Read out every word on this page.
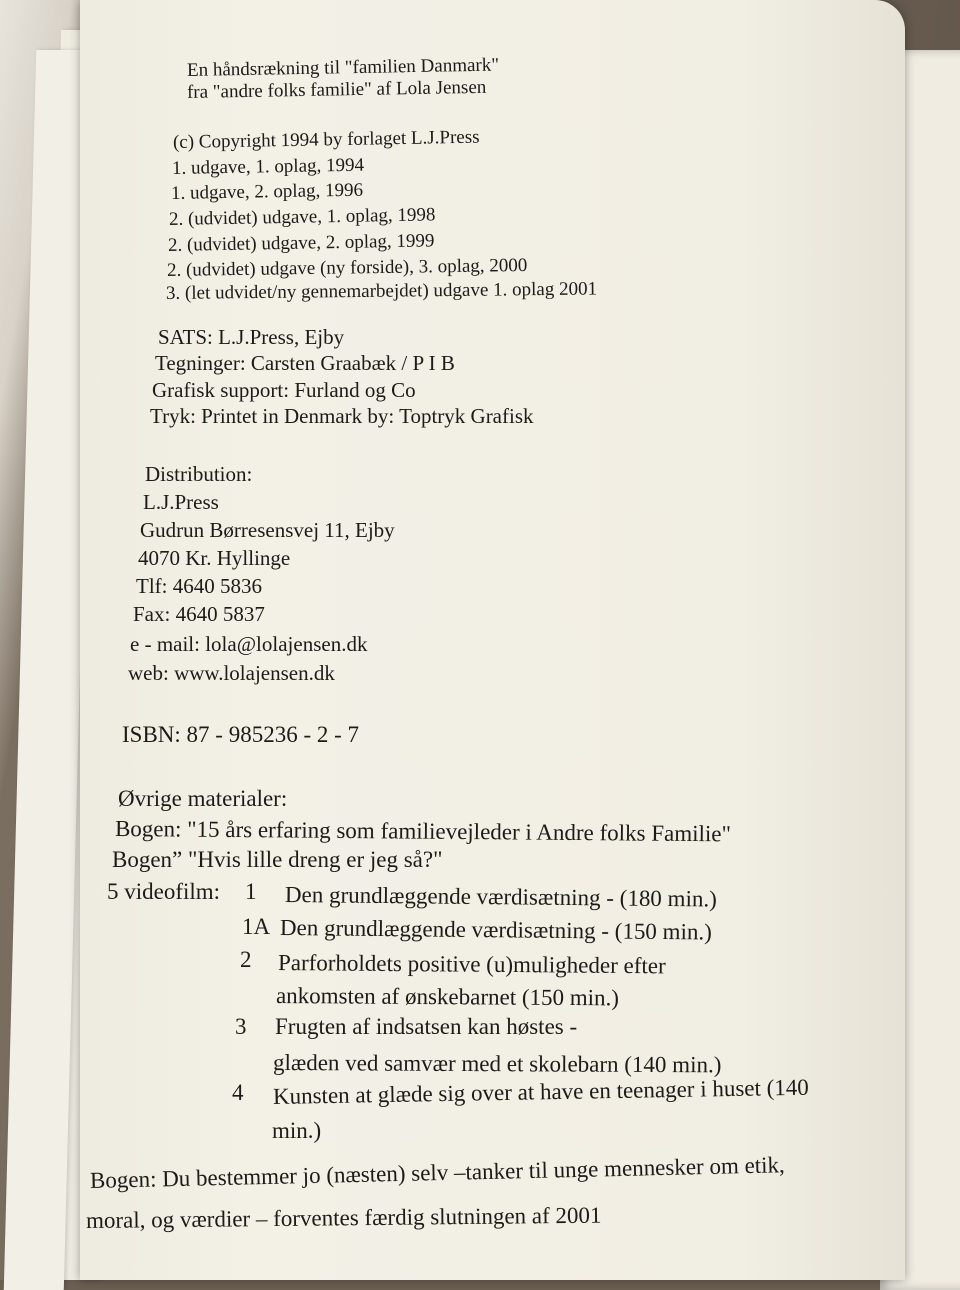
En håndsrækning til "familien Danmark"
fra "andre folks familie" af Lola Jensen
(c) Copyright 1994 by forlaget L.J.Press
1. udgave, 1. oplag, 1994
1. udgave, 2. oplag, 1996
2. (udvidet) udgave, 1. oplag, 1998
2. (udvidet) udgave, 2. oplag, 1999
2. (udvidet) udgave (ny forside), 3. oplag, 2000
3. (let udvidet/ny gennemarbejdet) udgave 1. oplag 2001
SATS: L.J.Press, Ejby
Tegninger: Carsten Graabæk / P I B
Grafisk support: Furland og Co
Tryk: Printet in Denmark by: Toptryk Grafisk
Distribution:
L.J.Press
Gudrun Børresensvej 11, Ejby
4070 Kr. Hyllinge
Tlf: 4640 5836
Fax: 4640 5837
e - mail: lola@lolajensen.dk
web: www.lolajensen.dk
ISBN: 87 - 985236 - 2 - 7
Øvrige materialer:
Bogen: "15 års erfaring som familievejleder i Andre folks Familie"
Bogen” "Hvis lille dreng er jeg så?"
5 videofilm: 1 Den grundlæggende værdisætning - (180 min.)
1A Den grundlæggende værdisætning - (150 min.)
2 Parforholdets positive (u)muligheder efter
ankomsten af ønskebarnet (150 min.)
3 Frugten af indsatsen kan høstes -
glæden ved samvær med et skolebarn (140 min.)
4 Kunsten at glæde sig over at have en teenager i huset (140
min.)
Bogen: Du bestemmer jo (næsten) selv –tanker til unge mennesker om etik,
moral, og værdier – forventes færdig slutningen af 2001
